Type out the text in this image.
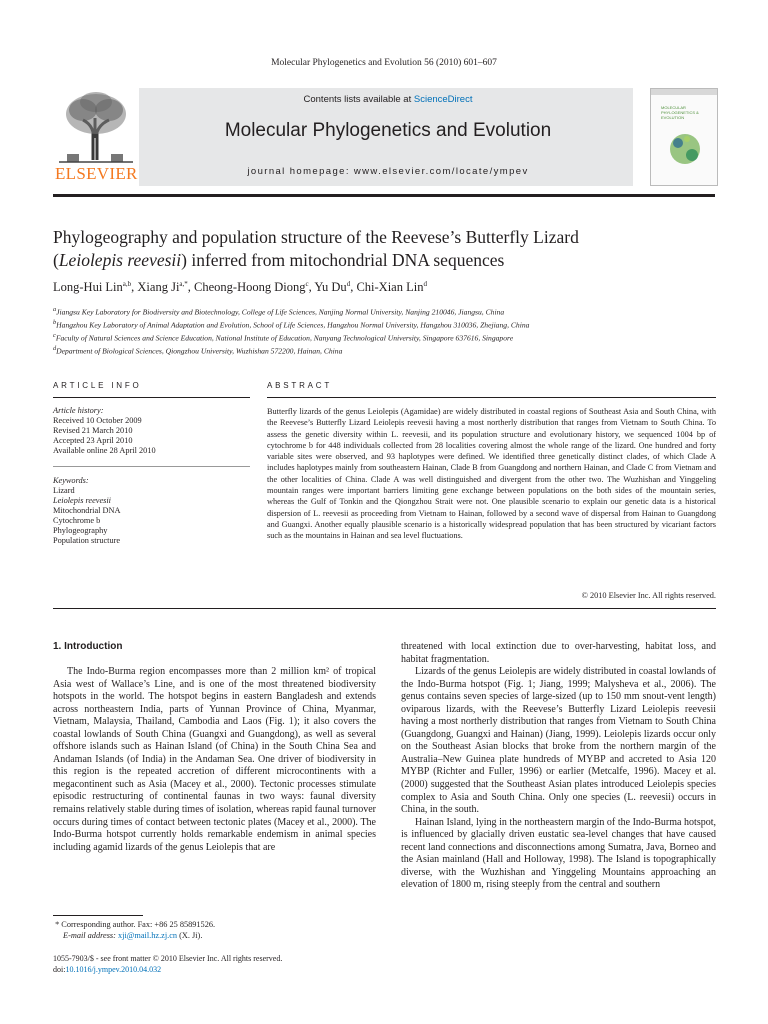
Molecular Phylogenetics and Evolution 56 (2010) 601–607
ELSEVIER
Contents lists available at ScienceDirect
Molecular Phylogenetics and Evolution
journal homepage: www.elsevier.com/locate/ympev
MOLECULAR PHYLOGENETICS & EVOLUTION
Phylogeography and population structure of the Reevese’s Butterfly Lizard
(Leiolepis reevesii) inferred from mitochondrial DNA sequences
Long-Hui Lin$^{a,b}$, Xiang $Ji^{a,*}$, Cheong-Hoong Diong$^c$, Yu Du$^d$, Chi-Xian Lin$^d$
$^a$Jiangsu Key Laboratory for Biodiversity and Biotechnology, College of Life Sciences, Nanjing Normal University, Nanjing 210046, Jiangsu, China
$^b$Hangzhou Key Laboratory of Animal Adaptation and Evolution, School of Life Sciences, Hangzhou Normal University, Hangzhou 310036, Zhejiang, China
$^c$Faculty of Natural Sciences and Science Education, National Institute of Education, Nanyang Technological University, Singapore 637616, Singapore
$^d$Department of Biological Sciences, Qiongzhou University, Wuzhishan 572200, Hainan, China
ARTICLE INFO
Article history:
Received 10 October 2009
Revised 21 March 2010
Accepted 23 April 2010
Available online 28 April 2010
Keywords:
Lizard
Leiolepis reevesii
Mitochondrial DNA
Cytochrome b
Phylogeography
Population structure
ABSTRACT
Butterfly lizards of the genus Leiolepis (Agamidae) are widely distributed in coastal regions of Southeast Asia and South China, with the Reevese’s Butterfly Lizard Leiolepis reevesii having a most northerly distribution that ranges from Vietnam to South China. To assess the genetic diversity within L. reevesii, and its population structure and evolutionary history, we sequenced 1004 bp of cytochrome b for 448 individuals collected from 28 localities covering almost the whole range of the lizard. One hundred and forty variable sites were observed, and 93 haplotypes were defined. We identified three genetically distinct clades, of which Clade A includes haplotypes mainly from southeastern Hainan, Clade B from Guangdong and northern Hainan, and Clade C from Vietnam and the other localities of China. Clade A was well distinguished and divergent from the other two. The Wuzhishan and Yinggeling mountain ranges were important barriers limiting gene exchange between populations on the both sides of the mountain series, whereas the Gulf of Tonkin and the Qiongzhou Strait were not. One plausible scenario to explain our genetic data is a historical dispersion of L. reevesii as proceeding from Vietnam to Hainan, followed by a second wave of dispersal from Hainan to Guangdong and Guangxi. Another equally plausible scenario is a historically widespread population that has been structured by vicariant factors such as the mountains in Hainan and sea level fluctuations.
© 2010 Elsevier Inc. All rights reserved.
1. Introduction
The Indo-Burma region encompasses more than 2 million km² of tropical Asia west of Wallace’s Line, and is one of the most threatened biodiversity hotspots in the world. The hotspot begins in eastern Bangladesh and extends across northeastern India, parts of Yunnan Province of China, Myanmar, Vietnam, Malaysia, Thailand, Cambodia and Laos (Fig. 1); it also covers the coastal lowlands of South China (Guangxi and Guangdong), as well as several offshore islands such as Hainan Island (of China) in the South China Sea and Andaman Islands (of India) in the Andaman Sea. One driver of biodiversity in this region is the repeated accretion of different microcontinents with a megacontinent such as Asia (Macey et al., 2000). Tectonic processes stimulate episodic restructuring of continental faunas in two ways: faunal diversity remains relatively stable during times of isolation, whereas rapid faunal turnover occurs during times of contact between tectonic plates (Macey et al., 2000). The Indo-Burma hotspot currently holds remarkable endemism in animal species including agamid lizards of the genus Leiolepis that are

threatened with local extinction due to over-harvesting, habitat loss, and habitat fragmentation.

Lizards of the genus Leiolepis are widely distributed in coastal lowlands of the Indo-Burma hotspot (Fig. 1; Jiang, 1999; Malysheva et al., 2006). The genus contains seven species of large-sized (up to 150 mm snout-vent length) oviparous lizards, with the Reevese’s Butterfly Lizard Leiolepis reevesii having a most northerly distribution that ranges from Vietnam to South China (Guangdong, Guangxi and Hainan) (Jiang, 1999). Leiolepis lizards occur only on the Southeast Asian blocks that broke from the northern margin of the Australia–New Guinea plate hundreds of MYBP and accreted to Asia 120 MYBP (Richter and Fuller, 1996) or earlier (Metcalfe, 1996). Macey et al. (2000) suggested that the Southeast Asian plates introduced Leiolepis species complex to Asia and South China. Only one species (L. reevesii) occurs in China, in the south.

Hainan Island, lying in the northeastern margin of the Indo-Burma hotspot, is influenced by glacially driven eustatic sea-level changes that have caused recent land connections and disconnections among Sumatra, Java, Borneo and the Asian mainland (Hall and Holloway, 1998). The Island is topographically diverse, with the Wuzhishan and Yinggeling Mountains approaching an elevation of 1800 m, rising steeply from the central and southern

* Corresponding author. Fax: +86 25 85891526.
E-mail address: xji@mail.hz.zj.cn (X. Ji).
1055-7903/$ - see front matter © 2010 Elsevier Inc. All rights reserved.
doi:10.1016/j.ympev.2010.04.032
